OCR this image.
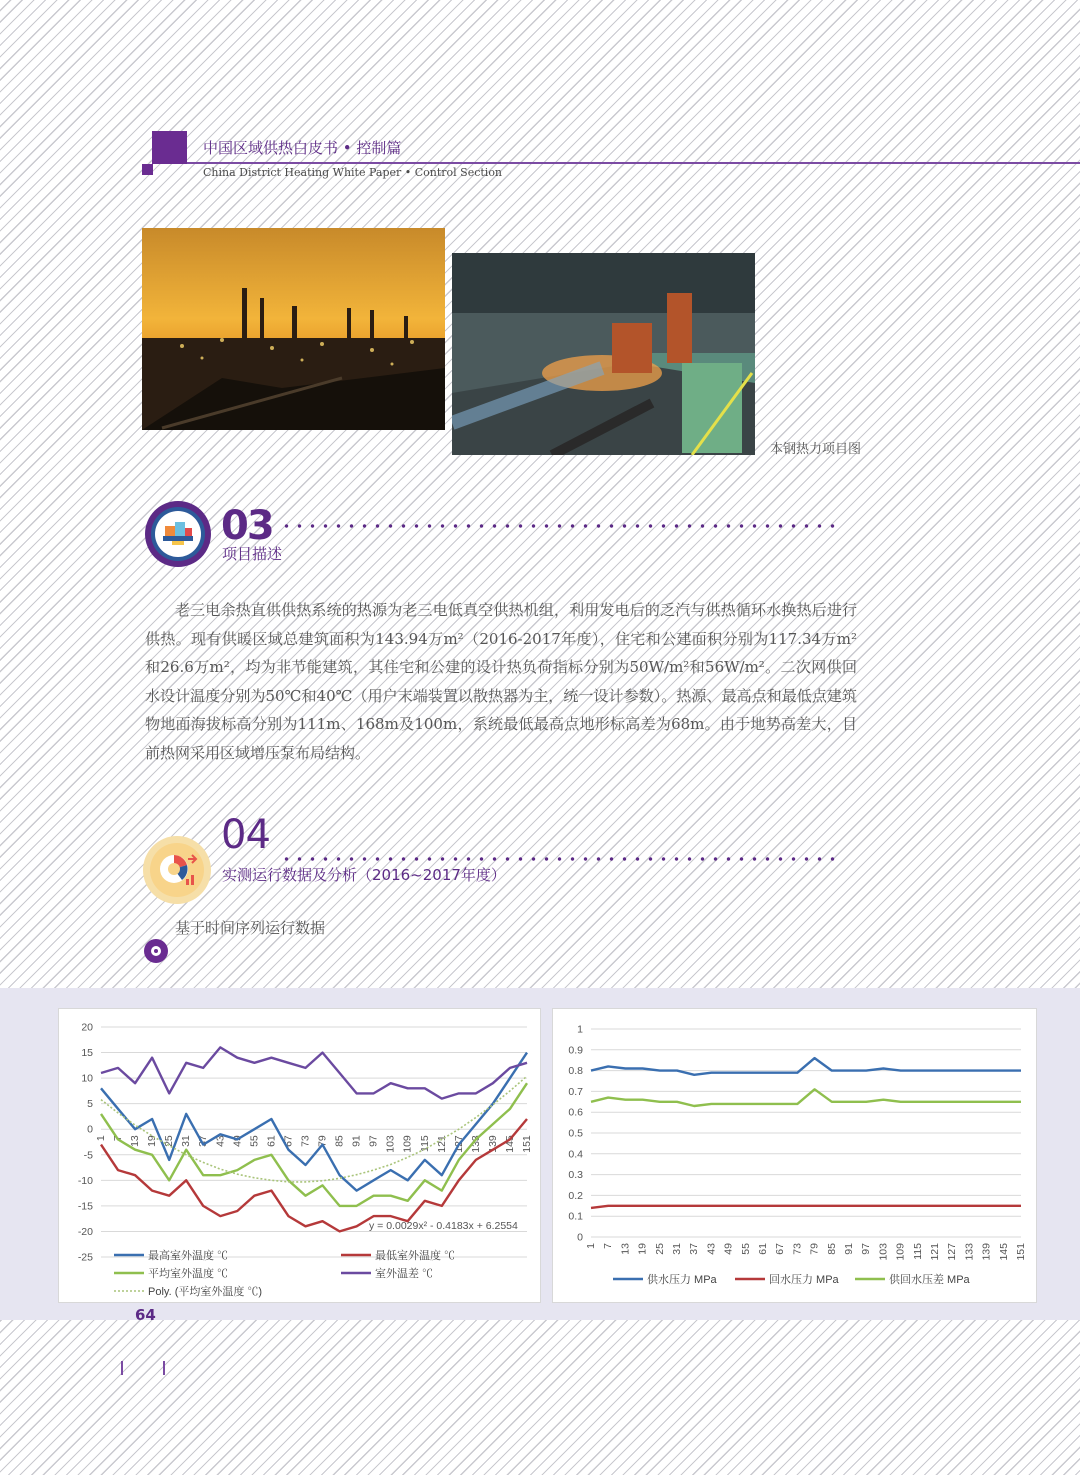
中国区域供热白皮书 • 控制篇
China District Heating White Paper • Control Section
本钢热力项目图
03
项目描述
老三电余热直供供热系统的热源为老三电低真空供热机组，利用发电后的乏汽与供热循环水换热后进行供热。现有供暖区域总建筑面积为143.94万m²（2016-2017年度），住宅和公建面积分别为117.34万m²和26.6万m²，均为非节能建筑，其住宅和公建的设计热负荷指标分别为50W/m²和56W/m²。二次网供回水设计温度分别为50℃和40℃（用户末端装置以散热器为主，统一设计参数）。热源、最高点和最低点建筑物地面海拔标高分别为111m、168m及100m，系统最低最高点地形标高差为68m。由于地势高差大，目前热网采用区域增压泵布局结构。
04
实测运行数据及分析（2016~2017年度）
基于时间序列运行数据
20
15
10
5
0
-5
-10
-15
-20
-25
1 7 13 19 25 31 37 43 49 55 61 67 73 79 85 91 97 103 109 115 121 127 133 139 145 151
y = 0.0029x² - 0.4183x + 6.2554
最高室外温度 ℃	最低室外温度 ℃
平均室外温度 ℃	室外温差 ℃
Poly. (平均室外温度 ℃)
1
0.9
0.8
0.7
0.6
0.5
0.4
0.3
0.2
0.1
0
1 7 13 19 25 31 37 43 49 55 61 67 73 79 85 91 97 103 109 115 121 127 133 139 145 151
供水压力 MPa	回水压力 MPa	供回水压差 MPa
64
